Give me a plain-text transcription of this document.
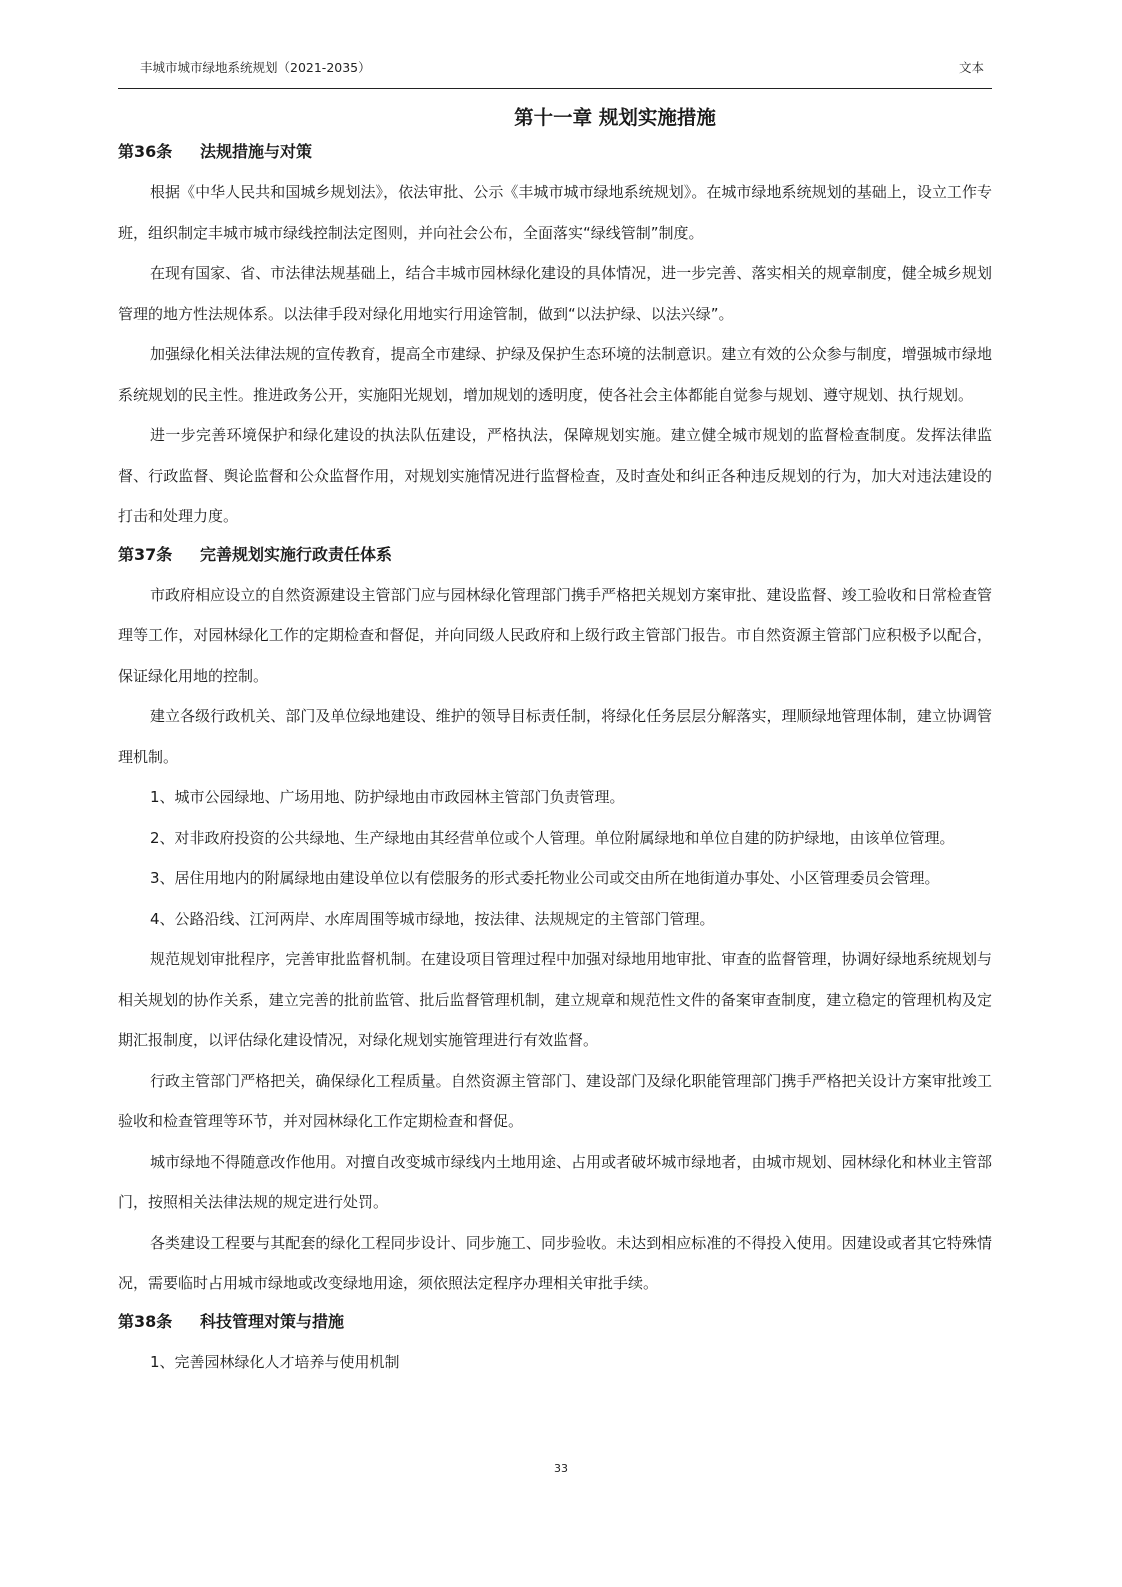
丰城市城市绿地系统规划（2021-2035）	文本
第十一章 规划实施措施
第36条 法规措施与对策

根据《中华人民共和国城乡规划法》，依法审批、公示《丰城市城市绿地系统规划》。在城市绿地系统规划的基础上，设立工作专班，组织制定丰城市城市绿线控制法定图则，并向社会公布，全面落实“绿线管制”制度。

在现有国家、省、市法律法规基础上，结合丰城市园林绿化建设的具体情况，进一步完善、落实相关的规章制度，健全城乡规划管理的地方性法规体系。以法律手段对绿化用地实行用途管制，做到“以法护绿、以法兴绿”。

加强绿化相关法律法规的宣传教育，提高全市建绿、护绿及保护生态环境的法制意识。建立有效的公众参与制度，增强城市绿地系统规划的民主性。推进政务公开，实施阳光规划，增加规划的透明度，使各社会主体都能自觉参与规划、遵守规划、执行规划。

进一步完善环境保护和绿化建设的执法队伍建设，严格执法，保障规划实施。建立健全城市规划的监督检查制度。发挥法律监督、行政监督、舆论监督和公众监督作用，对规划实施情况进行监督检查，及时查处和纠正各种违反规划的行为，加大对违法建设的打击和处理力度。

第37条 完善规划实施行政责任体系

市政府相应设立的自然资源建设主管部门应与园林绿化管理部门携手严格把关规划方案审批、建设监督、竣工验收和日常检查管理等工作，对园林绿化工作的定期检查和督促，并向同级人民政府和上级行政主管部门报告。市自然资源主管部门应积极予以配合，保证绿化用地的控制。

建立各级行政机关、部门及单位绿地建设、维护的领导目标责任制，将绿化任务层层分解落实，理顺绿地管理体制，建立协调管理机制。

1、城市公园绿地、广场用地、防护绿地由市政园林主管部门负责管理。

2、对非政府投资的公共绿地、生产绿地由其经营单位或个人管理。单位附属绿地和单位自建的防护绿地，由该单位管理。

3、居住用地内的附属绿地由建设单位以有偿服务的形式委托物业公司或交由所在地街道办事处、小区管理委员会管理。

4、公路沿线、江河两岸、水库周围等城市绿地，按法律、法规规定的主管部门管理。

规范规划审批程序，完善审批监督机制。在建设项目管理过程中加强对绿地用地审批、审查的监督管理，协调好绿地系统规划与相关规划的协作关系，建立完善的批前监管、批后监督管理机制，建立规章和规范性文件的备案审查制度，建立稳定的管理机构及定期汇报制度，以评估绿化建设情况，对绿化规划实施管理进行有效监督。

行政主管部门严格把关，确保绿化工程质量。自然资源主管部门、建设部门及绿化职能管理部门携手严格把关设计方案审批竣工验收和检查管理等环节，并对园林绿化工作定期检查和督促。

城市绿地不得随意改作他用。对擅自改变城市绿线内土地用途、占用或者破坏城市绿地者，由城市规划、园林绿化和林业主管部门，按照相关法律法规的规定进行处罚。

各类建设工程要与其配套的绿化工程同步设计、同步施工、同步验收。未达到相应标准的不得投入使用。因建设或者其它特殊情况，需要临时占用城市绿地或改变绿地用途，须依照法定程序办理相关审批手续。

第38条 科技管理对策与措施

1、完善园林绿化人才培养与使用机制

33
